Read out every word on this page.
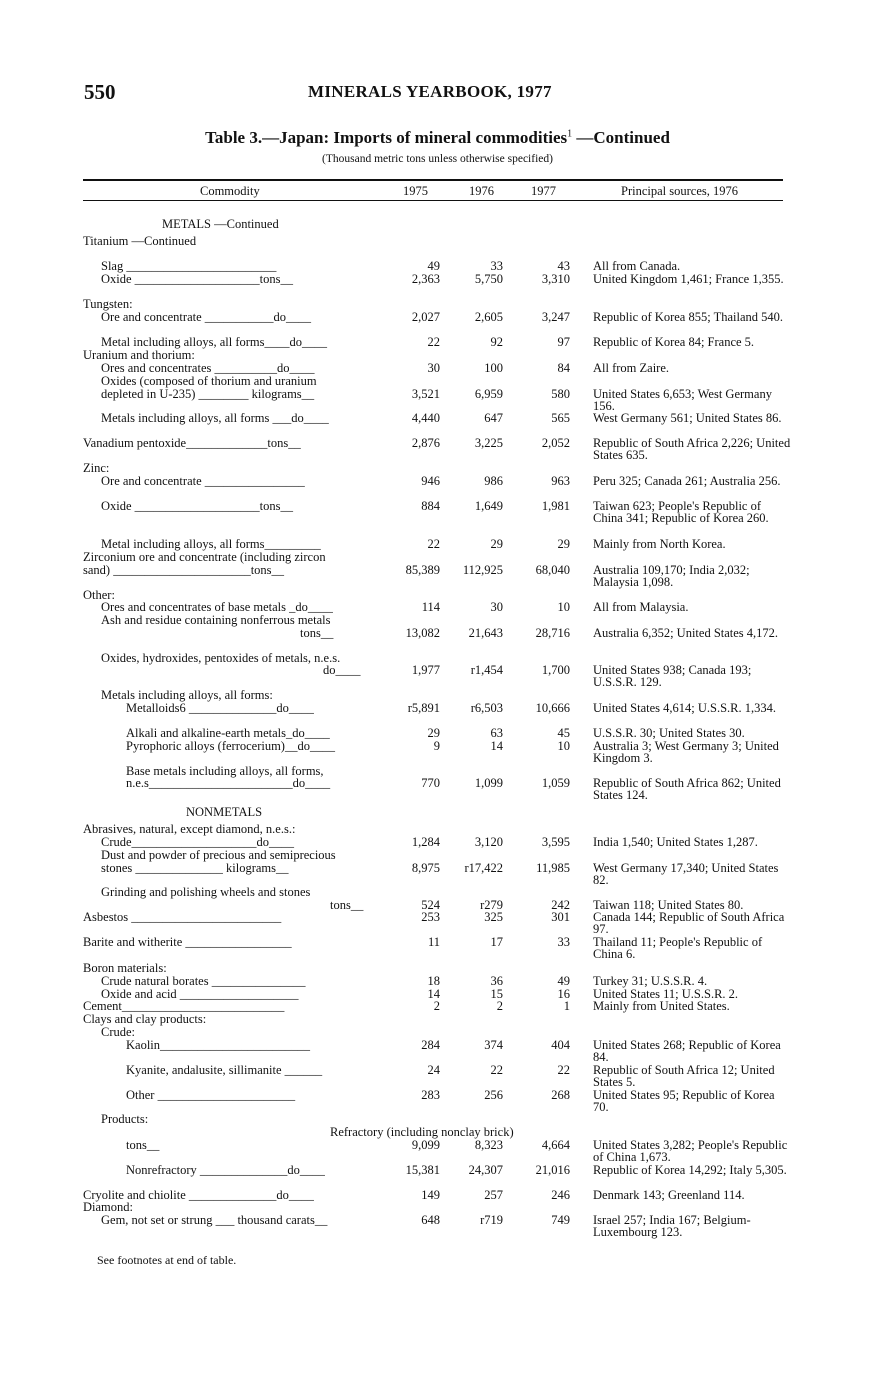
550	MINERALS YEARBOOK, 1977
Table 3.—Japan: Imports of mineral commodities$^1$ —Continued
(Thousand metric tons unless otherwise specified)
Commodity	1975	1976	1977	Principal sources, 1976
METALS —Continued
Titanium —Continued
NONMETALS
Slag ________________________	49	33	43 All from Canada.
Oxide ____________________tons__	2,363	5,750	3,310 United Kingdom 1,461; France 1,355.
Tungsten:
Ore and concentrate ___________do____	2,027	2,605	3,247 Republic of Korea 855; Thailand 540.
Metal including alloys, all forms____do____	22	92	97 Republic of Korea 84; France 5.
Uranium and thorium:
Ores and concentrates __________do____	30	100	84 All from Zaire.
Oxides (composed of thorium and uranium
depleted in U-235) ________ kilograms__	3,521	6,959	580 United States 6,653; West Germany 156.
Metals including alloys, all forms ___do____	4,440	647	565 West Germany 561; United States 86.
Vanadium pentoxide_____________tons__	2,876	3,225	2,052 Republic of South Africa 2,226; United States 635.
Zinc:
Ore and concentrate ________________	946	986	963 Peru 325; Canada 261; Australia 256.
Oxide ____________________tons__	884	1,649	1,981 Taiwan 623; People's Republic of China 341; Republic of Korea 260.
Metal including alloys, all forms_________	22	29	29 Mainly from North Korea.
Zirconium ore and concentrate (including zircon
sand) ______________________tons__	85,389	112,925	68,040 Australia 109,170; India 2,032; Malaysia 1,098.
Other:
Ores and concentrates of base metals _do____	114	30	10 All from Malaysia.
Ash and residue containing nonferrous metals
tons__	13,082	21,643	28,716 Australia 6,352; United States 4,172.
Oxides, hydroxides, pentoxides of metals, n.e.s.
do____	1,977	r1,454	1,700 United States 938; Canada 193; U.S.S.R. 129.
Metals including alloys, all forms:
Metalloids6 ______________do____	r5,891	r6,503	10,666 United States 4,614; U.S.S.R. 1,334.
Alkali and alkaline-earth metals_do____	29	63	45 U.S.S.R. 30; United States 30.
Pyrophoric alloys (ferrocerium)__do____	9	14	10 Australia 3; West Germany 3; United Kingdom 3.
Base metals including alloys, all forms,
n.e.s_______________________do____	770	1,099	1,059 Republic of South Africa 862; United States 124.
Abrasives, natural, except diamond, n.e.s.:
Crude____________________do____	1,284	3,120	3,595 India 1,540; United States 1,287.
Dust and powder of precious and semiprecious
stones ______________ kilograms__	8,975	r17,422	11,985 West Germany 17,340; United States 82.
Grinding and polishing wheels and stones
tons__	524	r279	242 Taiwan 118; United States 80.
Asbestos ________________________	253	325	301 Canada 144; Republic of South Africa 97.
Barite and witherite _________________	11	17	33 Thailand 11; People's Republic of China 6.
Boron materials:
Crude natural borates _______________	18	36	49 Turkey 31; U.S.S.R. 4.
Oxide and acid ___________________	14	15	16 United States 11; U.S.S.R. 2.
Cement__________________________	2	2	1 Mainly from United States.
Clays and clay products:
Crude:
Kaolin________________________	284	374	404 United States 268; Republic of Korea 84.
Kyanite, andalusite, sillimanite ______	24	22	22 Republic of South Africa 12; United States 5.
Other ______________________	283	256	268 United States 95; Republic of Korea 70.
Products:
Refractory (including nonclay brick)
tons__	9,099	8,323	4,664 United States 3,282; People's Republic of China 1,673.
Nonrefractory ______________do____	15,381	24,307	21,016 Republic of Korea 14,292; Italy 5,305.
Cryolite and chiolite ______________do____	149	257	246 Denmark 143; Greenland 114.
Diamond:
Gem, not set or strung ___ thousand carats__	648	r719	749 Israel 257; India 167; Belgium-Luxembourg 123.
See footnotes at end of table.
